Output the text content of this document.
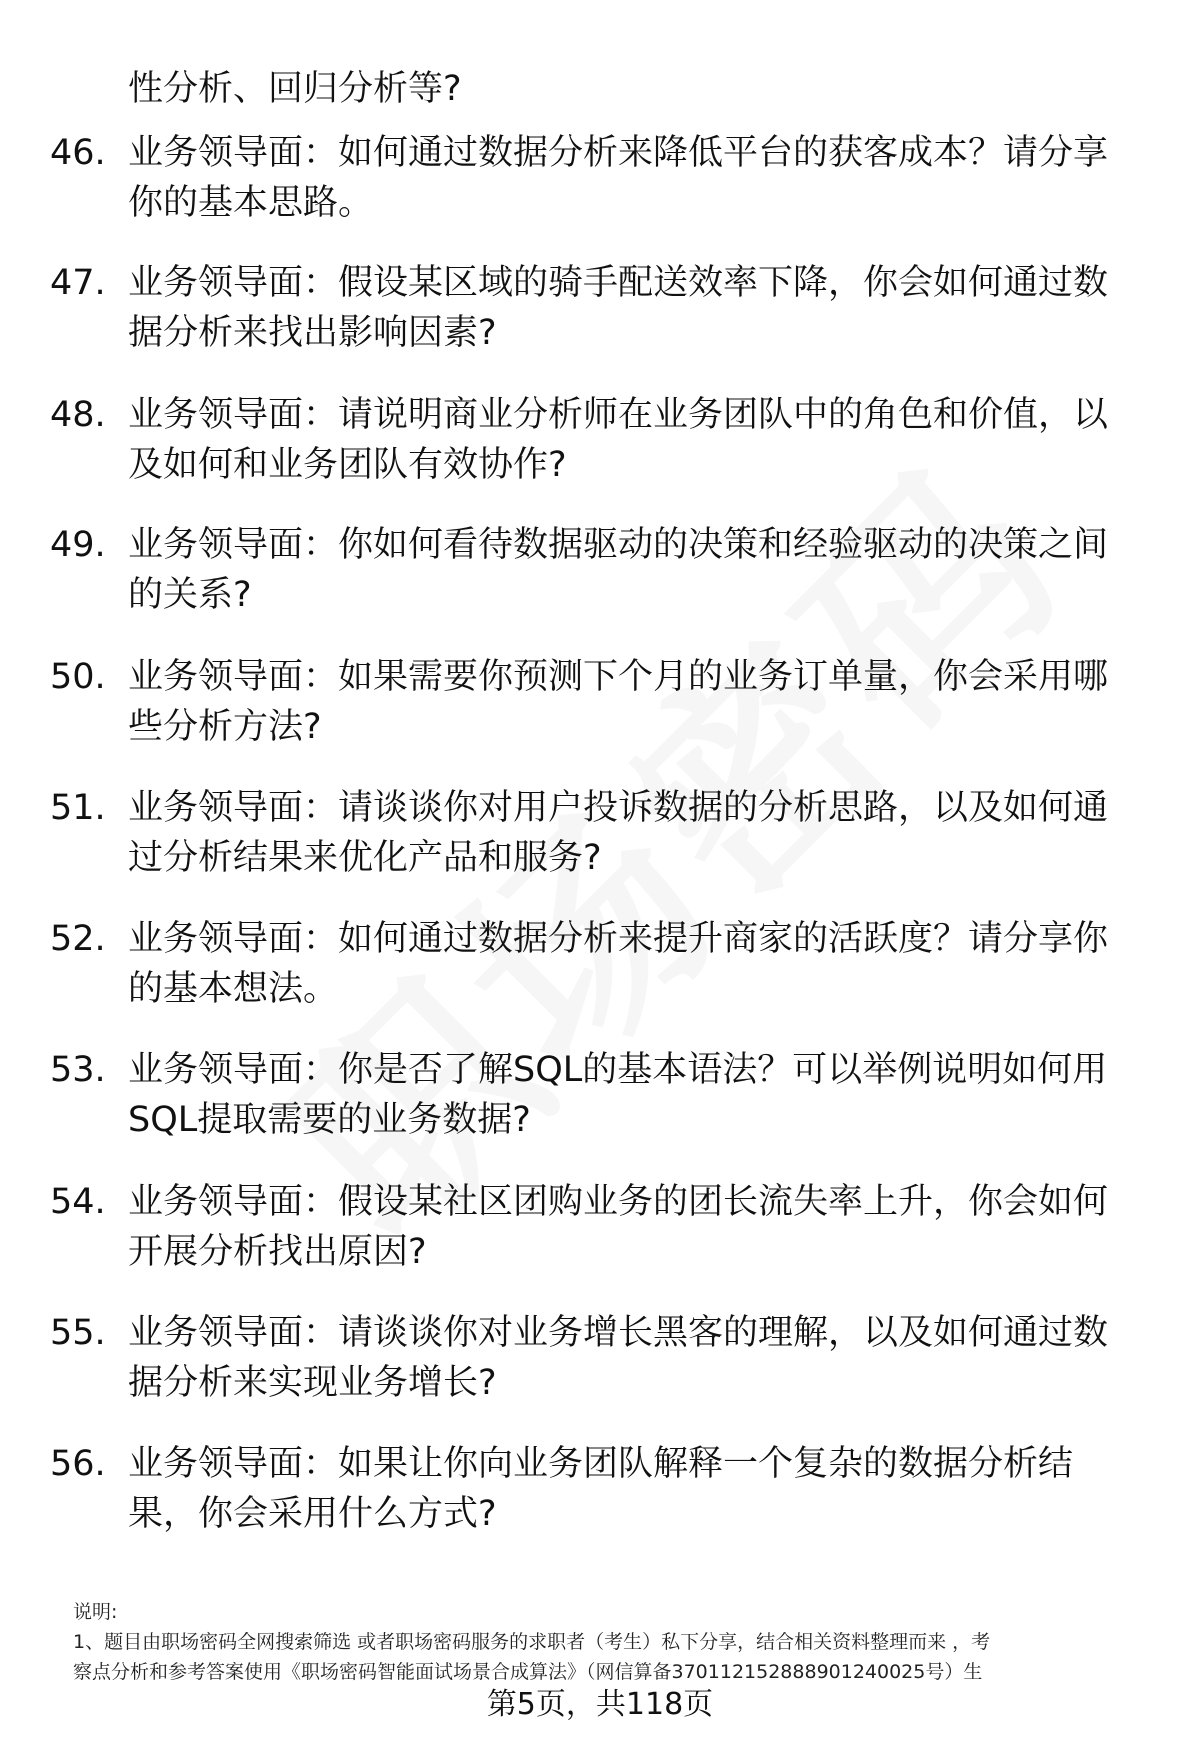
性分析、回归分析等?
46. 业务领导面：如何通过数据分析来降低平台的获客成本？请分享
你的基本思路。
47. 业务领导面：假设某区域的骑手配送效率下降，你会如何通过数
据分析来找出影响因素?
48. 业务领导面：请说明商业分析师在业务团队中的角色和价值，以
及如何和业务团队有效协作?
49. 业务领导面：你如何看待数据驱动的决策和经验驱动的决策之间
的关系?
50. 业务领导面：如果需要你预测下个月的业务订单量，你会采用哪
些分析方法?
51. 业务领导面：请谈谈你对用户投诉数据的分析思路，以及如何通
过分析结果来优化产品和服务?
52. 业务领导面：如何通过数据分析来提升商家的活跃度？请分享你
的基本想法。
53. 业务领导面：你是否了解SQL的基本语法？可以举例说明如何用
SQL提取需要的业务数据?
54. 业务领导面：假设某社区团购业务的团长流失率上升，你会如何
开展分析找出原因?
55. 业务领导面：请谈谈你对业务增长黑客的理解，以及如何通过数
据分析来实现业务增长?
56. 业务领导面：如果让你向业务团队解释一个复杂的数据分析结
果，你会采用什么方式?
说明:
1、题目由职场密码全网搜索筛选 或者职场密码服务的求职者（考生）私下分享，结合相关资料整理而来 ，考
察点分析和参考答案使用《职场密码智能面试场景合成算法》（网信算备370112152888901240025号）生
第5页，共118页
